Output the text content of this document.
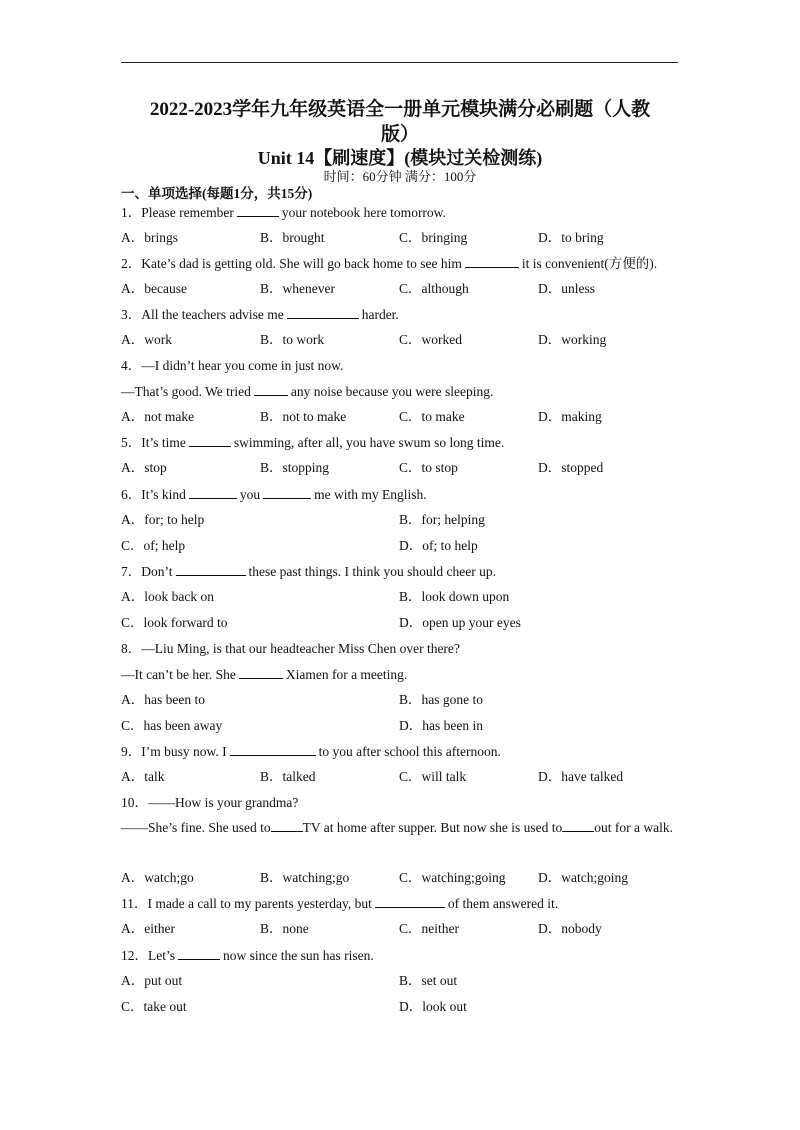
2022-2023学年九年级英语全一册单元模块满分必刷题（人教
版）
Unit 14【刷速度】(模块过关检测练)
时间：60分钟 满分：100分
一、单项选择(每题1分，共15分)
1．Please remember	your notebook here tomorrow.
A．brings	B．brought	C．bringing	D．to bring
2．Kate’s dad is getting old. She will go back home to see him	it is convenient(方便的).
A．because	B．whenever	C．although	D．unless
3．All the teachers advise me	harder.
A．work	B．to work	C．worked	D．working
4．—I didn’t hear you come in just now.
—That’s good. We tried	any noise because you were sleeping.
A．not make	B．not to make	C．to make	D．making
5．It’s time	swimming, after all, you have swum so long time.
A．stop	B．stopping	C．to stop	D．stopped
6．It’s kind	you	me with my English.
A．for; to help	B．for; helping
C．of; help	D．of; to help
7．Don’t	these past things. I think you should cheer up.
A．look back on	B．look down upon
C．look forward to	D．open up your eyes
8．—Liu Ming, is that our headteacher Miss Chen over there?
—It can’t be her. She	Xiamen for a meeting.
A．has been to	B．has gone to
C．has been away	D．has been in
9．I’m busy now. I	to you after school this afternoon.
A．talk	B．talked	C．will talk	D．have talked
10．——How is your grandma?
——She’s fine. She used to TV at home after supper. But now she is used to out for a walk.
A．watch;go	B．watching;go	C．watching;going D．watch;going
11．I made a call to my parents yesterday, but	of them answered it.
A．either	B．none	C．neither	D．nobody
12．Let’s	now since the sun has risen.
A．put out	B．set out
C．take out	D．look out
